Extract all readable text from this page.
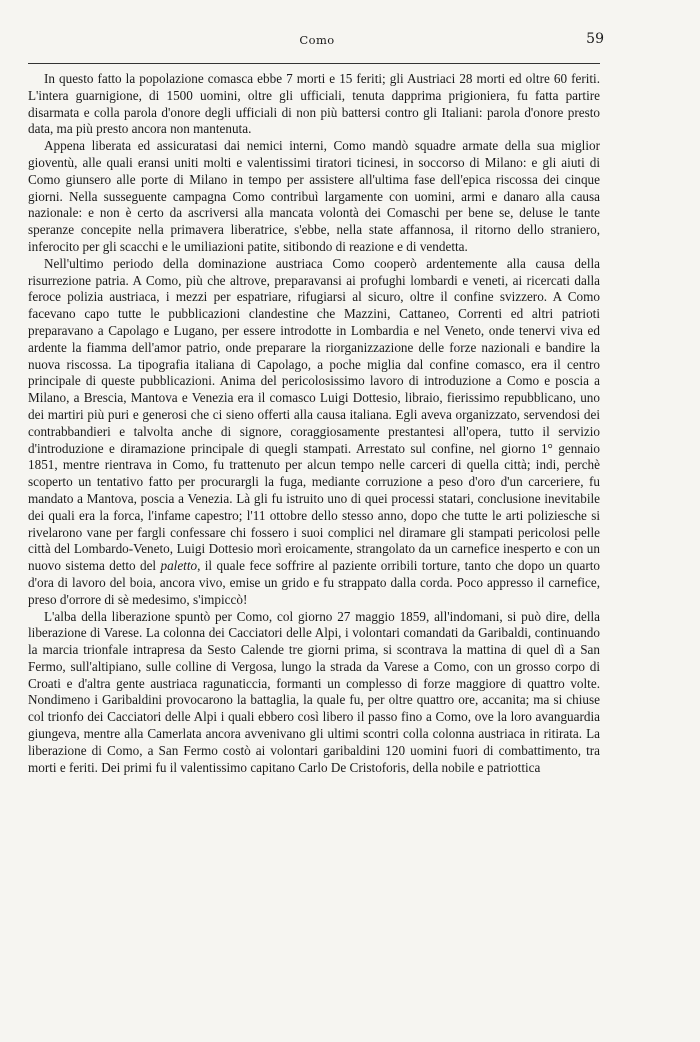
Como	59

In questo fatto la popolazione comasca ebbe 7 morti e 15 feriti; gli Austriaci 28 morti ed oltre 60 feriti. L'intera guarnigione, di 1500 uomini, oltre gli ufficiali, tenuta dapprima prigioniera, fu fatta partire disarmata e colla parola d'onore degli ufficiali di non più battersi contro gli Italiani: parola d'onore presto data, ma più presto ancora non mantenuta.

Appena liberata ed assicuratasi dai nemici interni, Como mandò squadre armate della sua miglior gioventù, alle quali eransi uniti molti e valentissimi tiratori ticinesi, in soccorso di Milano: e gli aiuti di Como giunsero alle porte di Milano in tempo per assistere all'ultima fase dell'epica riscossa dei cinque giorni. Nella susseguente campagna Como contribuì largamente con uomini, armi e danaro alla causa nazionale: e non è certo da ascriversi alla mancata volontà dei Comaschi per bene se, deluse le tante speranze concepite nella primavera liberatrice, s'ebbe, nella state affannosa, il ritorno dello straniero, inferocito per gli scacchi e le umiliazioni patite, sitibondo di reazione e di vendetta.

Nell'ultimo periodo della dominazione austriaca Como cooperò ardentemente alla causa della risurrezione patria. A Como, più che altrove, preparavansi ai profughi lombardi e veneti, ai ricercati dalla feroce polizia austriaca, i mezzi per espatriare, rifugiarsi al sicuro, oltre il confine svizzero. A Como facevano capo tutte le pubblicazioni clandestine che Mazzini, Cattaneo, Correnti ed altri patrioti preparavano a Capolago e Lugano, per essere introdotte in Lombardia e nel Veneto, onde tenervi viva ed ardente la fiamma dell'amor patrio, onde preparare la riorganizzazione delle forze nazionali e bandire la nuova riscossa. La tipografia italiana di Capolago, a poche miglia dal confine comasco, era il centro principale di queste pubblicazioni. Anima del pericolosissimo lavoro di introduzione a Como e poscia a Milano, a Brescia, Mantova e Venezia era il comasco Luigi Dottesio, libraio, fierissimo repubblicano, uno dei martiri più puri e generosi che ci sieno offerti alla causa italiana. Egli aveva organizzato, servendosi dei contrabbandieri e talvolta anche di signore, coraggiosamente prestantesi all'opera, tutto il servizio d'introduzione e diramazione principale di quegli stampati. Arrestato sul confine, nel giorno 1° gennaio 1851, mentre rientrava in Como, fu trattenuto per alcun tempo nelle carceri di quella città; indi, perchè scoperto un tentativo fatto per procurargli la fuga, mediante corruzione a peso d'oro d'un carceriere, fu mandato a Mantova, poscia a Venezia. Là gli fu istruito uno di quei processi statari, conclusione inevitabile dei quali era la forca, l'infame capestro; l'11 ottobre dello stesso anno, dopo che tutte le arti poliziesche si rivelarono vane per fargli confessare chi fossero i suoi complici nel diramare gli stampati pericolosi pelle città del Lombardo-Veneto, Luigi Dottesio morì eroicamente, strangolato da un carnefice inesperto e con un nuovo sistema detto del paletto, il quale fece soffrire al paziente orribili torture, tanto che dopo un quarto d'ora di lavoro del boia, ancora vivo, emise un grido e fu strappato dalla corda. Poco appresso il carnefice, preso d'orrore di sè medesimo, s'impiccò!

L'alba della liberazione spuntò per Como, col giorno 27 maggio 1859, all'indomani, si può dire, della liberazione di Varese. La colonna dei Cacciatori delle Alpi, i volontari comandati da Garibaldi, continuando la marcia trionfale intrapresa da Sesto Calende tre giorni prima, si scontrava la mattina di quel dì a San Fermo, sull'altipiano, sulle colline di Vergosa, lungo la strada da Varese a Como, con un grosso corpo di Croati e d'altra gente austriaca ragunaticcia, formanti un complesso di forze maggiore di quattro volte. Nondimeno i Garibaldini provocarono la battaglia, la quale fu, per oltre quattro ore, accanita; ma si chiuse col trionfo dei Cacciatori delle Alpi i quali ebbero così libero il passo fino a Como, ove la loro avanguardia giungeva, mentre alla Camerlata ancora avvenivano gli ultimi scontri colla colonna austriaca in ritirata. La liberazione di Como, a San Fermo costò ai volontari garibaldini 120 uomini fuori di combattimento, tra morti e feriti. Dei primi fu il valentissimo capitano Carlo De Cristoforis, della nobile e patriottica
